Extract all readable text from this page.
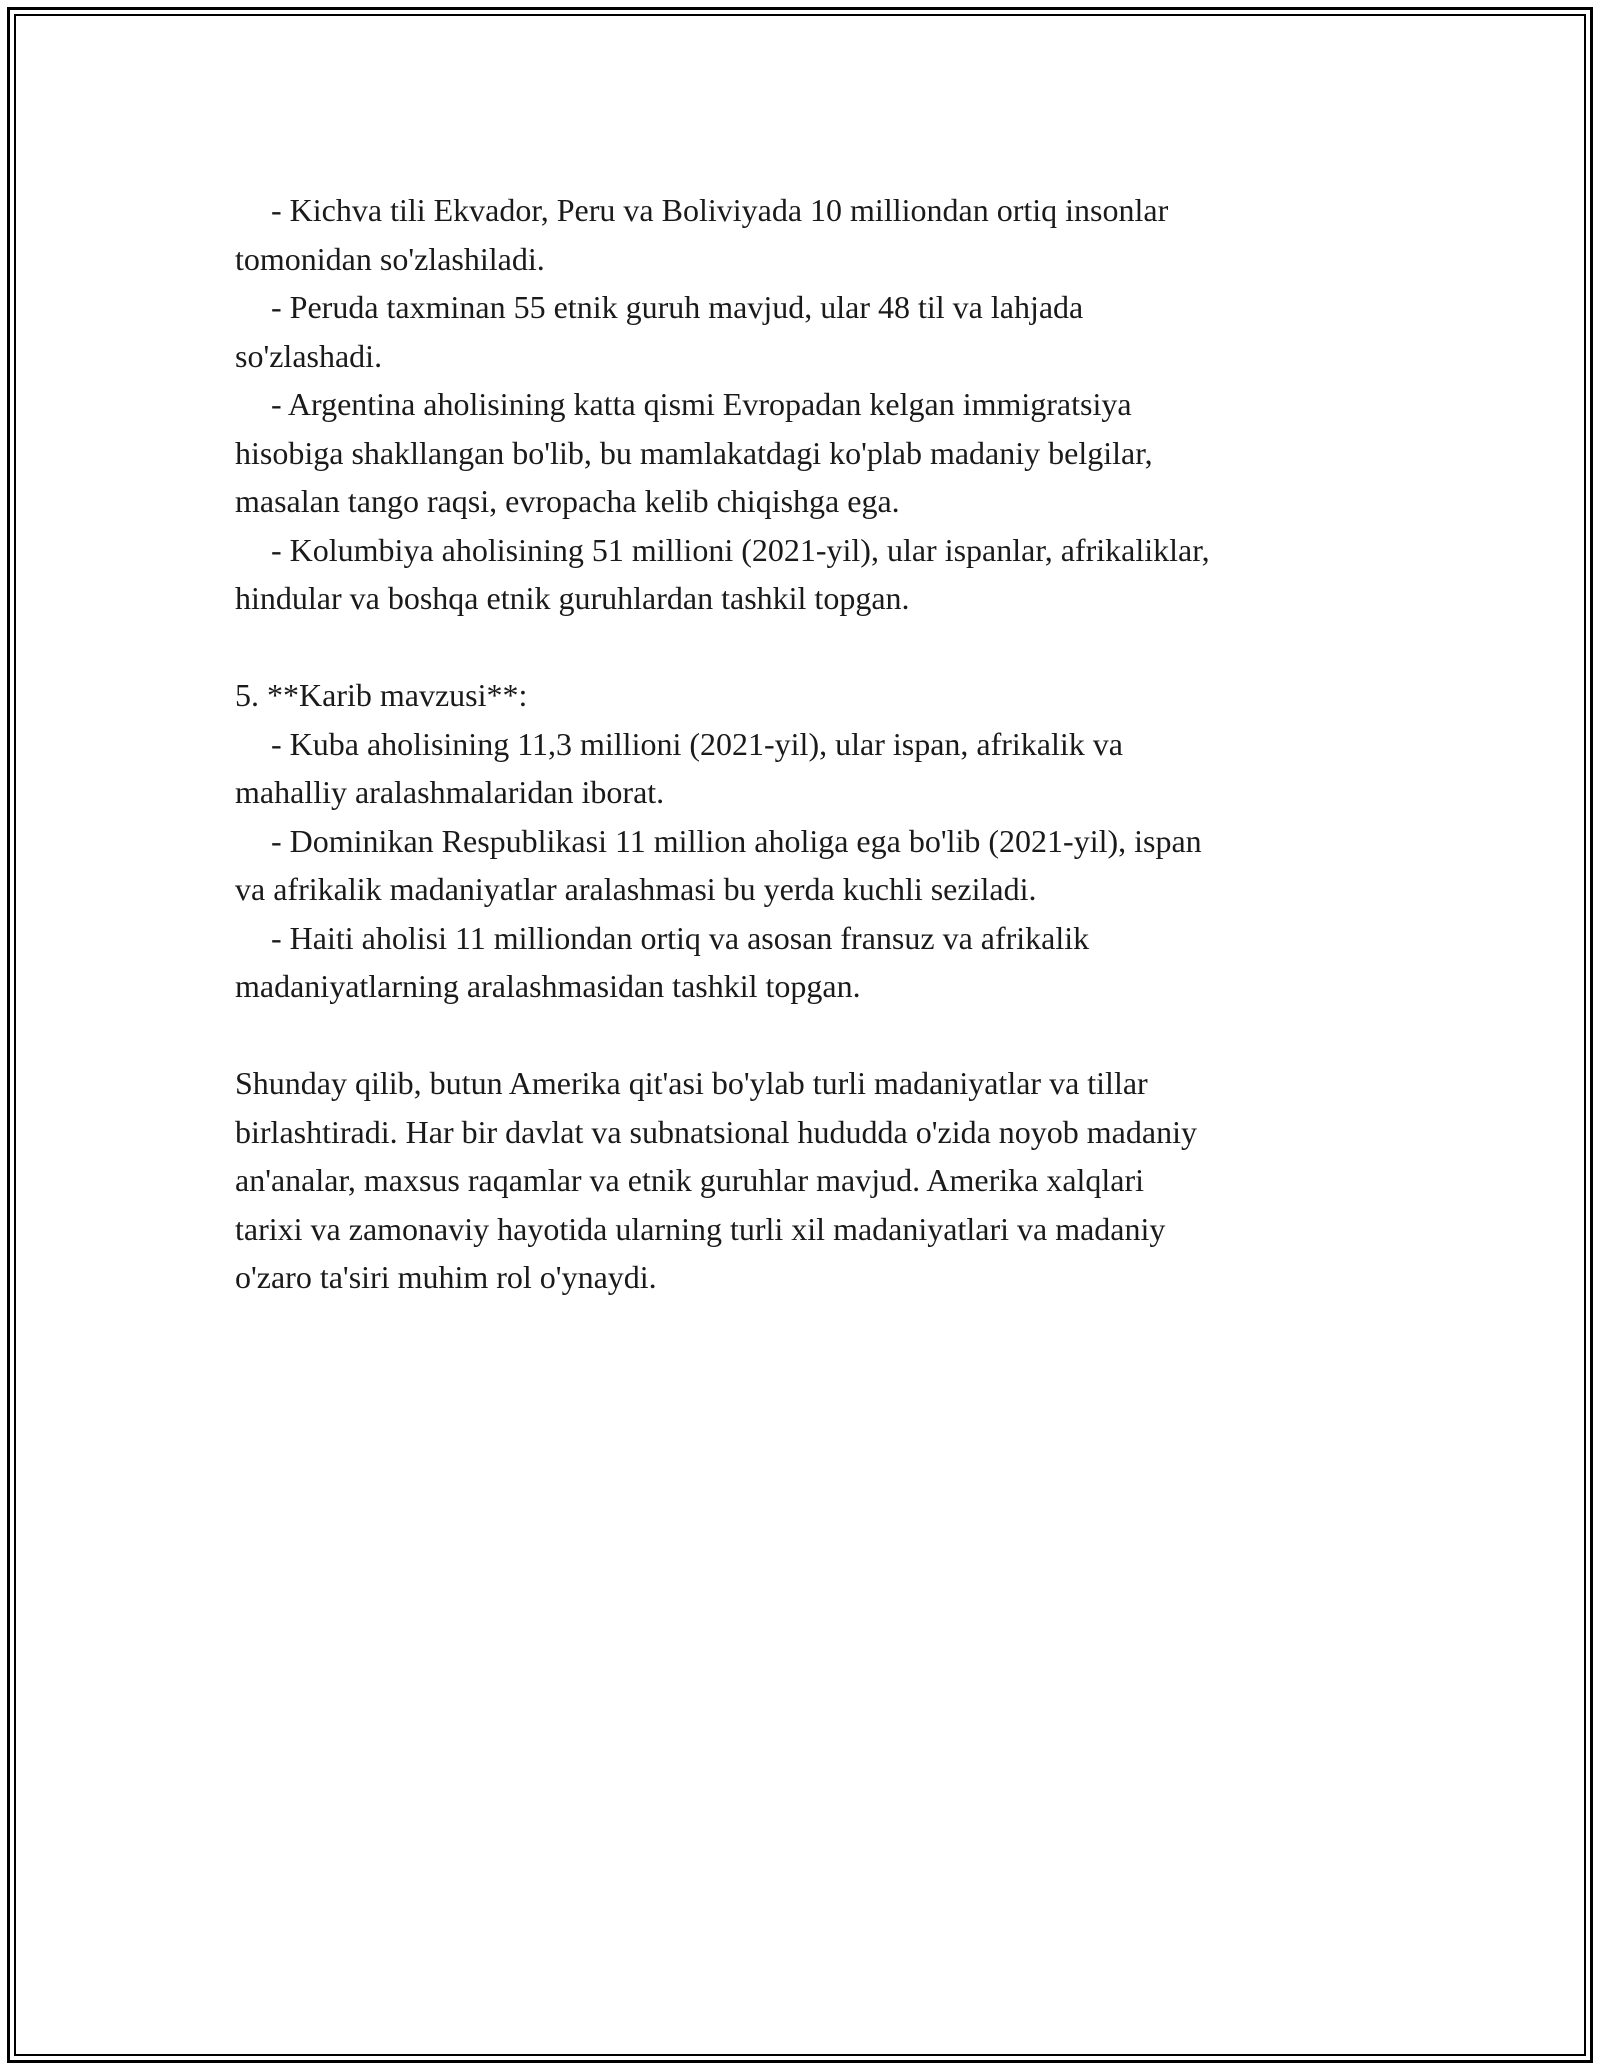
- Kichva tili Ekvador, Peru va Boliviyada 10 milliondan ortiq insonlar

tomonidan so'zlashiladi.

- Peruda taxminan 55 etnik guruh mavjud, ular 48 til va lahjada

so'zlashadi.

- Argentina aholisining katta qismi Evropadan kelgan immigratsiya

hisobiga shakllangan bo'lib, bu mamlakatdagi ko'plab madaniy belgilar,

masalan tango raqsi, evropacha kelib chiqishga ega.

- Kolumbiya aholisining 51 millioni (2021-yil), ular ispanlar, afrikaliklar,

hindular va boshqa etnik guruhlardan tashkil topgan.

5. **Karib mavzusi**:

- Kuba aholisining 11,3 millioni (2021-yil), ular ispan, afrikalik va

mahalliy aralashmalaridan iborat.

- Dominikan Respublikasi 11 million aholiga ega bo'lib (2021-yil), ispan

va afrikalik madaniyatlar aralashmasi bu yerda kuchli seziladi.

- Haiti aholisi 11 milliondan ortiq va asosan fransuz va afrikalik

madaniyatlarning aralashmasidan tashkil topgan.

Shunday qilib, butun Amerika qit'asi bo'ylab turli madaniyatlar va tillar

birlashtiradi. Har bir davlat va subnatsional hududda o'zida noyob madaniy

an'analar, maxsus raqamlar va etnik guruhlar mavjud. Amerika xalqlari

tarixi va zamonaviy hayotida ularning turli xil madaniyatlari va madaniy

o'zaro ta'siri muhim rol o'ynaydi.
